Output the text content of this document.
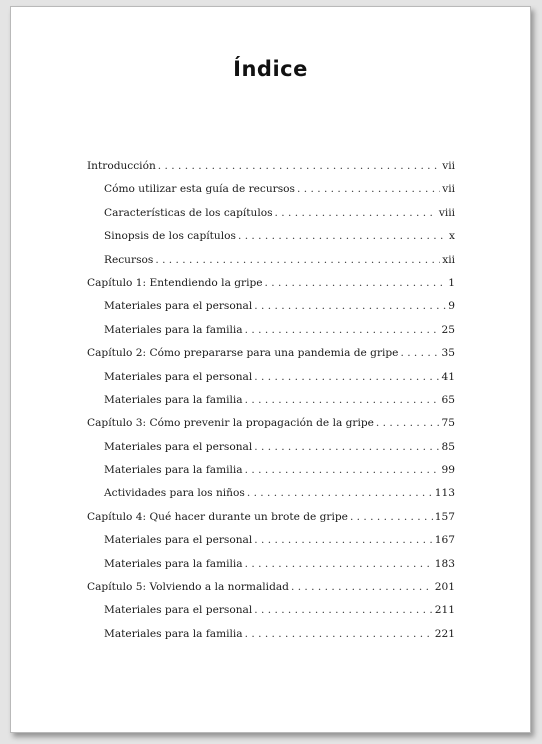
Índice
Introducción . . .	vii
Cómo utilizar esta guía de recursos . . .	vii
Características de los capítulos . . .	viii
Sinopsis de los capítulos . . .	x
Recursos . . .	xii
Capítulo 1: Entendiendo la gripe . . .	1
Materiales para el personal . . .	9
Materiales para la familia . . .	25
Capítulo 2: Cómo prepararse para una pandemia de gripe . . .	35
Materiales para el personal . . .	41
Materiales para la familia . . .	65
Capítulo 3: Cómo prevenir la propagación de la gripe . . .	75
Materiales para el personal . . .	85
Materiales para la familia . . .	99
Actividades para los niños . . .	113
Capítulo 4: Qué hacer durante un brote de gripe . . .	157
Materiales para el personal . . .	167
Materiales para la familia . . .	183
Capítulo 5: Volviendo a la normalidad . . .	201
Materiales para el personal . . .	211
Materiales para la familia . . .	221
